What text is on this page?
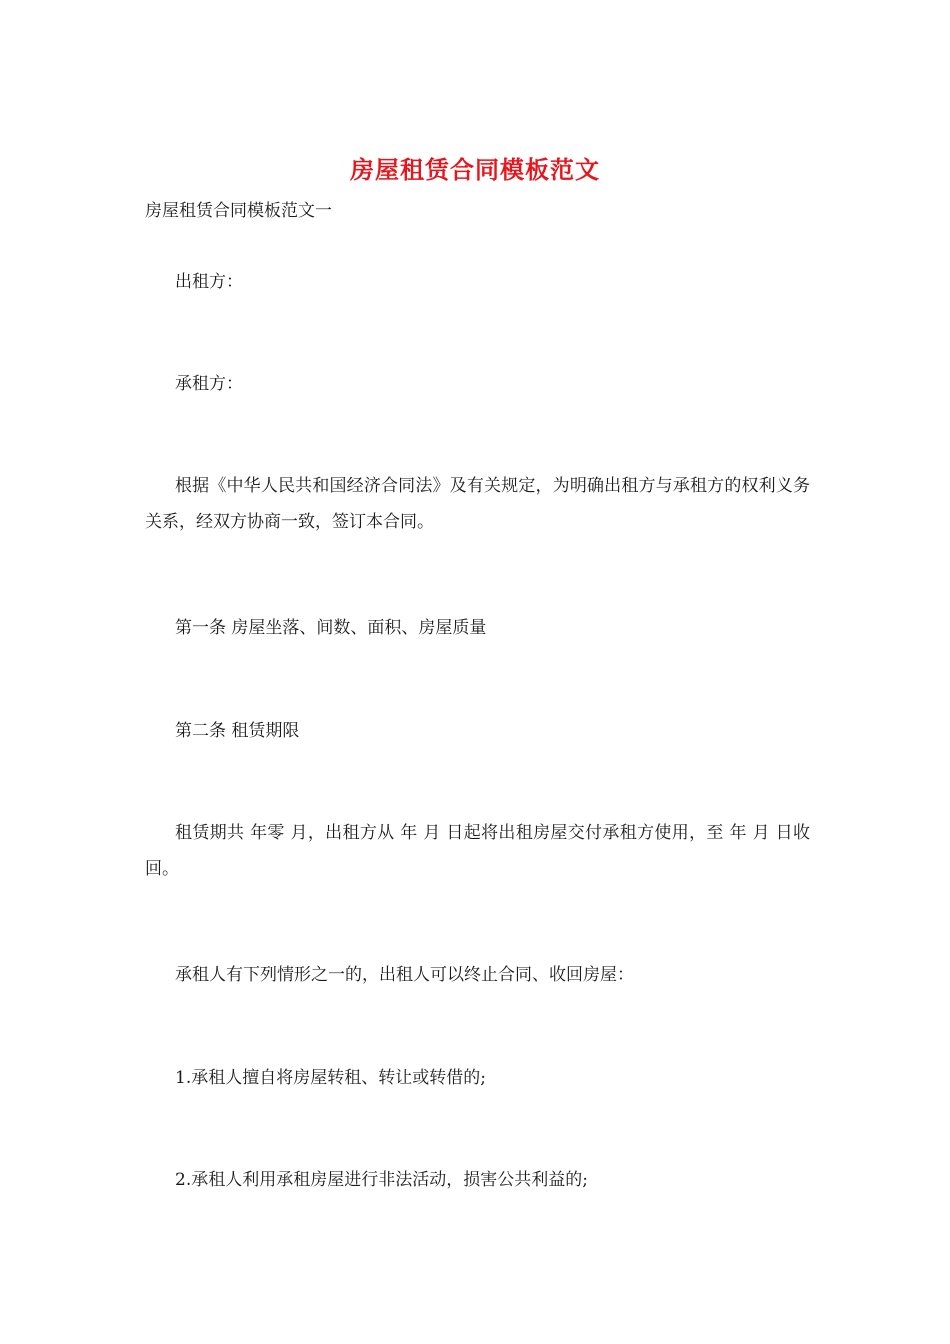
房屋租赁合同模板范文
房屋租赁合同模板范文一
出租方：
承租方：
根据《中华人民共和国经济合同法》及有关规定，为明确出租方与承租方的权利义务关系，经双方协商一致，签订本合同。
第一条 房屋坐落、间数、面积、房屋质量
第二条 租赁期限
租赁期共 年零 月，出租方从 年 月 日起将出租房屋交付承租方使用，至 年 月 日收回。
承租人有下列情形之一的，出租人可以终止合同、收回房屋：
1.承租人擅自将房屋转租、转让或转借的;
2.承租人利用承租房屋进行非法活动，损害公共利益的;
